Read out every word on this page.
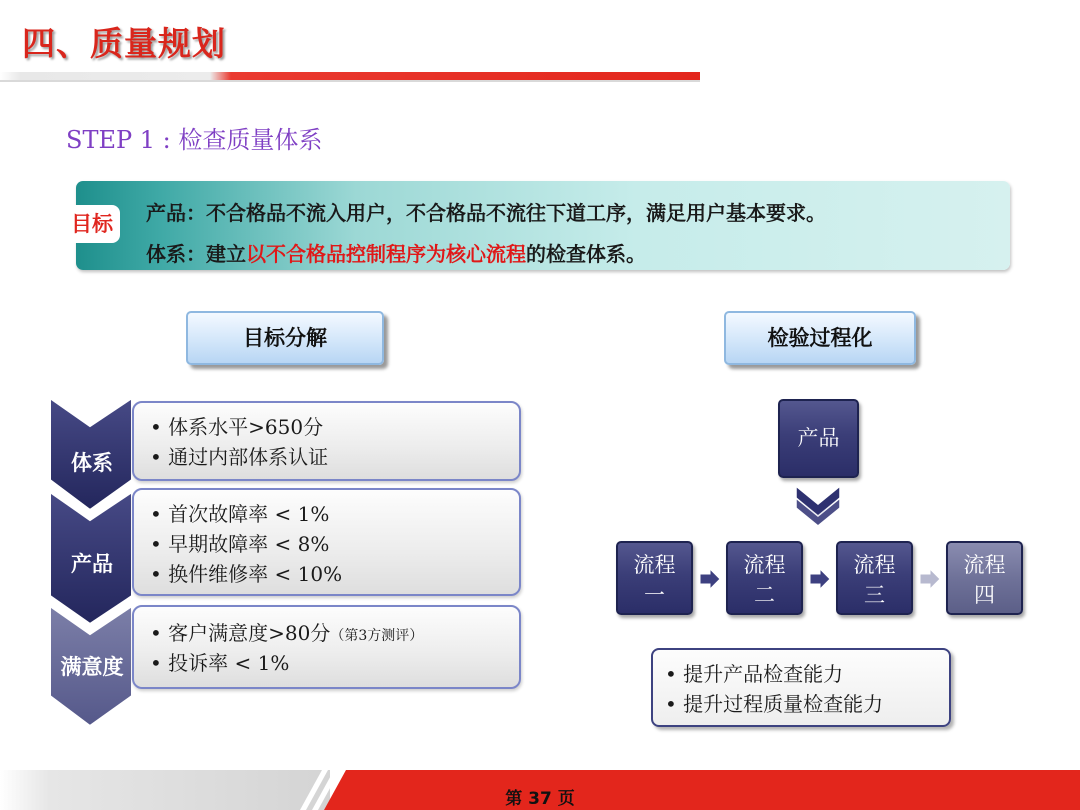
四、质量规划
STEP 1 : 检查质量体系
目标	产品：不合格品不流入用户，不合格品不流往下道工序，满足用户基本要求。
体系：建立以不合格品控制程序为核心流程的检查体系。
目标分解	检验过程化
体系
产品
满意度
• 体系水平>650分
• 通过内部体系认证
• 首次故障率 < 1%
• 早期故障率 < 8%
• 换件维修率 < 10%
• 客户满意度>80分（第3方测评）
• 投诉率 < 1%
产品
流程
一
流程
二
流程
三
流程
四
• 提升产品检查能力
• 提升过程质量检查能力
第 37 页
